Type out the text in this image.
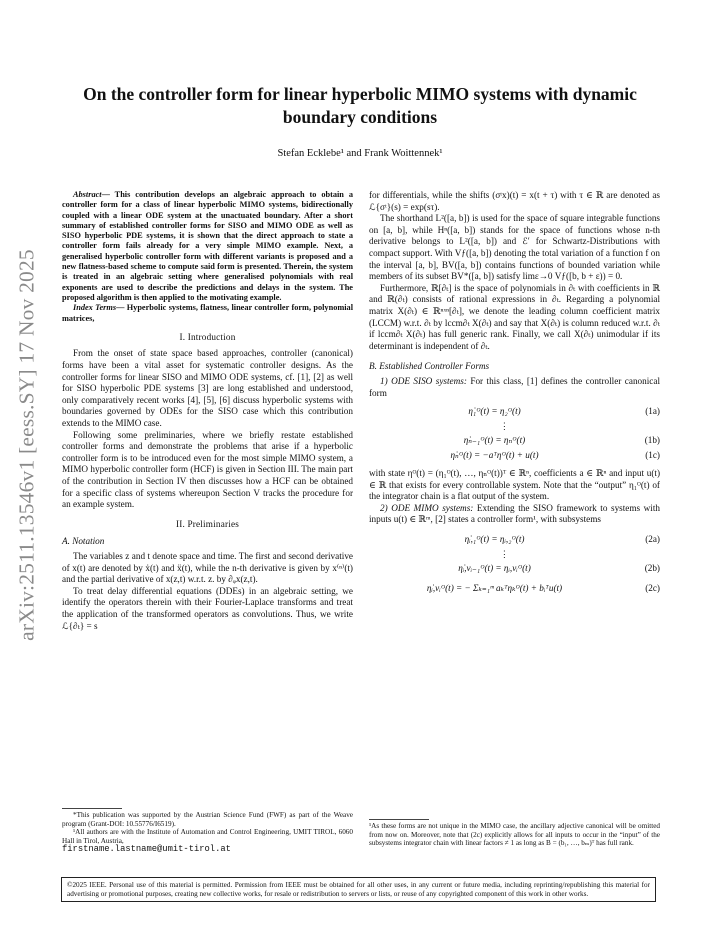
arXiv:2511.13546v1 [eess.SY] 17 Nov 2025
On the controller form for linear hyperbolic MIMO systems with dynamic boundary conditions
Stefan Ecklebe¹ and Frank Woittennek¹

Abstract— This contribution develops an algebraic approach to obtain a controller form for a class of linear hyperbolic MIMO systems, bidirectionally coupled with a linear ODE system at the unactuated boundary. After a short summary of established controller forms for SISO and MIMO ODE as well as SISO hyperbolic PDE systems, it is shown that the direct approach to state a controller form fails already for a very simple MIMO example. Next, a generalised hyperbolic controller form with different variants is proposed and a new flatness-based scheme to compute said form is presented. Therein, the system is treated in an algebraic setting where generalised polynomials with real exponents are used to describe the predictions and delays in the system. The proposed algorithm is then applied to the motivating example.

Index Terms— Hyperbolic systems, flatness, linear controller form, polynomial matrices,

I. Introduction

From the onset of state space based approaches, controller (canonical) forms have been a vital asset for systematic controller designs. As the controller forms for linear SISO and MIMO ODE systems, cf. [1], [2] as well for SISO hyperbolic PDE systems [3] are long established and understood, only comparatively recent works [4], [5], [6] discuss hyperbolic systems with boundaries governed by ODEs for the SISO case which this contribution extends to the MIMO case.

Following some preliminaries, where we briefly restate established controller forms and demonstrate the problems that arise if a hyperbolic controller form is to be introduced even for the most simple MIMO system, a MIMO hyperbolic controller form (HCF) is given in Section III. The main part of the contribution in Section IV then discusses how a HCF can be obtained for a specific class of systems whereupon Section V tracks the procedure for an example system.

II. Preliminaries
A. Notation

The variables z and t denote space and time. The first and second derivative of x(t) are denoted by ẋ(t) and ẍ(t), while the n-th derivative is given by x⁽ⁿ⁾(t) and the partial derivative of x(z,t) w.r.t. z. by ∂ᵩx(z,t).

To treat delay differential equations (DDEs) in an algebraic setting, we identify the operators therein with their Fourier-Laplace transforms and treat the application of the transformed operators as convolutions. Thus, we write ℒ{∂ₜ} = s

*This publication was supported by the Austrian Science Fund (FWF) as part of the Weave program (Grant-DOI: 10.55776/I6519).

¹All authors are with the Institute of Automation and Control Engineering, UMIT TIROL, 6060 Hall in Tirol, Austria,

firstname.lastname@umit-tirol.at

for differentials, while the shifts (σᵗx)(t) = x(t + τ) with τ ∈ ℝ are denoted as ℒ{σᵗ}(s) = exp(sτ).

The shorthand L²([a, b]) is used for the space of square integrable functions on [a, b], while Hⁿ([a, b]) stands for the space of functions whose n-th derivative belongs to L²([a, b]) and ℰ′ for Schwartz-Distributions with compact support. With Vƒ([a, b]) denoting the total variation of a function f on the interval [a, b], BV([a, b]) contains functions of bounded variation while members of its subset BV*([a, b]) satisfy limε→0 Vƒ([b, b + ε)) = 0.

Furthermore, ℝ[∂ₜ] is the space of polynomials in ∂ₜ with coefficients in ℝ and ℝ(∂ₜ) consists of rational expressions in ∂ₜ. Regarding a polynomial matrix X(∂ₜ) ∈ ℝⁿˣⁿ[∂ₜ], we denote the leading column coefficient matrix (LCCM) w.r.t. ∂ₜ by lccm∂ₜ X(∂ₜ) and say that X(∂ₜ) is column reduced w.r.t. ∂ₜ if lccm∂ₜ X(∂ₜ) has full generic rank. Finally, we call X(∂ₜ) unimodular if its determinant is independent of ∂ₜ.

B. Established Controller Forms

1) ODE SISO systems: For this class, [1] defines the controller canonical form

η̇₁ᴼ(t) = η₂ᴼ(t)	(1a)
⋮
η̇ₙ₋₁ᴼ(t) = ηₙᴼ(t)	(1b)
η̇ₙᴼ(t) = −aᵀηᴼ(t) + u(t)	(1c)

with state ηᴼ(t) = (η₁ᴼ(t), …, ηₙᴼ(t))ᵀ ∈ ℝⁿ, coefficients a ∈ ℝⁿ and input u(t) ∈ ℝ that exists for every controllable system. Note that the “output” η₁ᴼ(t) of the integrator chain is a flat output of the system.

2) ODE MIMO systems: Extending the SISO framework to systems with inputs u(t) ∈ ℝᵐ, [2] states a controller form¹, with subsystems

η̇ᵢ,₁ᴼ(t) = ηᵢ,₂ᴼ(t)	(2a)
⋮
η̇ᵢ,νᵢ₋₁ᴼ(t) = ηᵢ,νᵢᴼ(t)	(2b)
η̇ᵢ,νᵢᴼ(t) = − Σₖ₌₁ᵐ aₖᵀηₖᴼ(t) + bᵢᵀu(t)	(2c)
¹As these forms are not unique in the MIMO case, the ancillary adjective canonical will be omitted from now on. Moreover, note that (2c) explicitly allows for all inputs to occur in the “input” of the subsystems integrator chain with linear factors ≠ 1 as long as B = (b₁, …, bₘ)ᵀ has full rank.
©2025 IEEE. Personal use of this material is permitted. Permission from IEEE must be obtained for all other uses, in any current or future media, including reprinting/republishing this material for advertising or promotional purposes, creating new collective works, for resale or redistribution to servers or lists, or reuse of any copyrighted component of this work in other works.
